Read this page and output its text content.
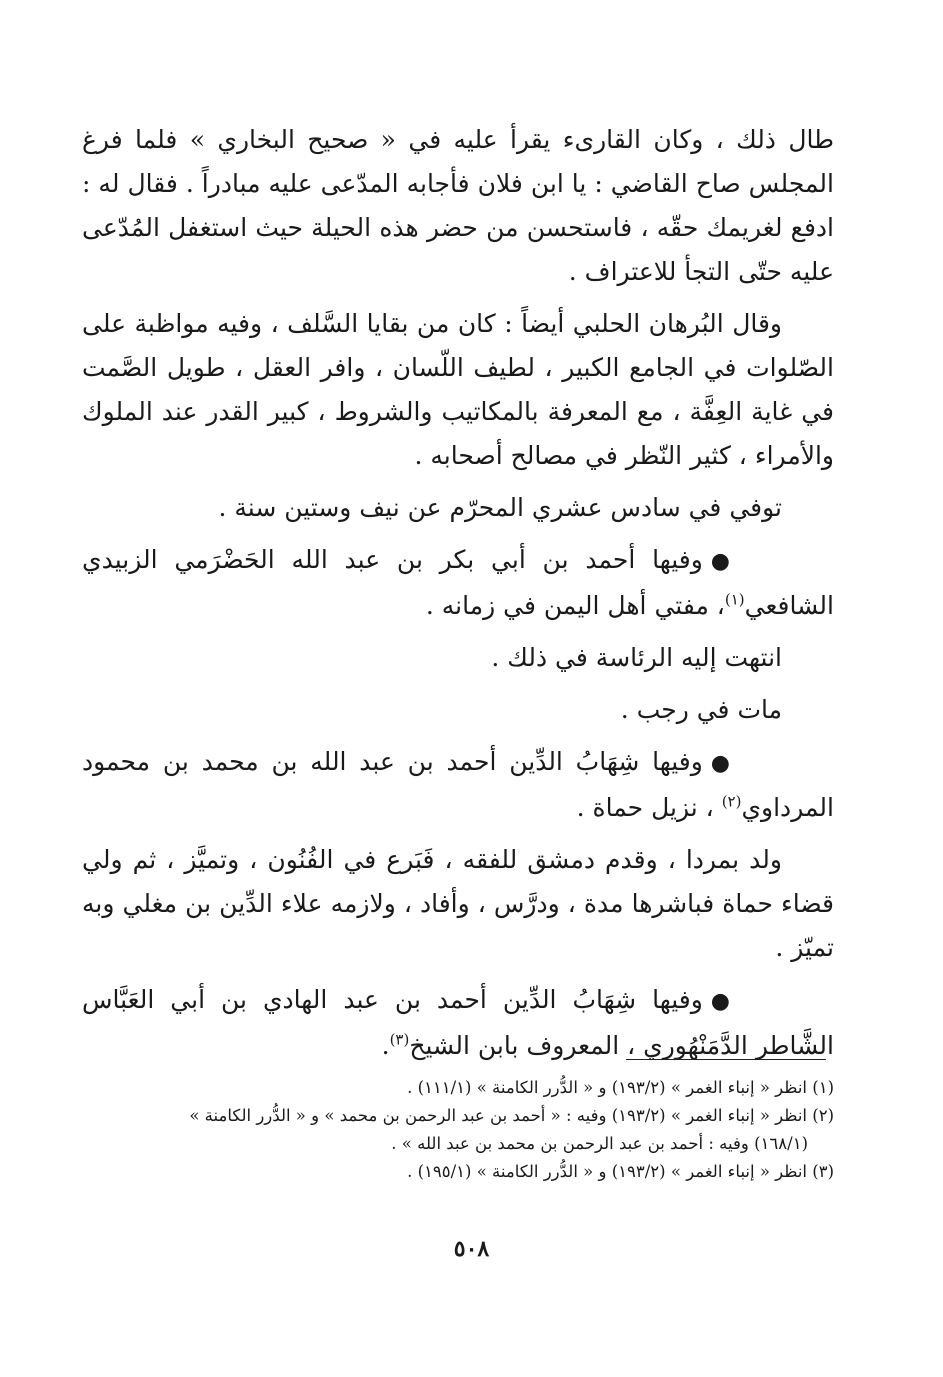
طال ذلك ، وكان القارىء يقرأ عليه في « صحيح البخاري » فلما فرغ المجلس صاح القاضي : يا ابن فلان فأجابه المدّعى عليه مبادراً . فقال له : ادفع لغريمك حقّه ، فاستحسن من حضر هذه الحيلة حيث استغفل المُدّعى عليه حتّى التجأ للاعتراف .

وقال البُرهان الحلبي أيضاً : كان من بقايا السَّلف ، وفيه مواظبة على الصّلوات في الجامع الكبير ، لطيف اللّسان ، وافر العقل ، طويل الصَّمت في غاية العِفَّة ، مع المعرفة بالمكاتيب والشروط ، كبير القدر عند الملوك والأمراء ، كثير النّظر في مصالح أصحابه .

توفي في سادس عشري المحرّم عن نيف وستين سنة .

●وفيها أحمد بن أبي بكر بن عبد الله الحَضْرَمي الزبيدي الشافعي$^{(١)}$، مفتي أهل اليمن في زمانه .

انتهت إليه الرئاسة في ذلك .

مات في رجب .

●وفيها شِهَابُ الدِّين أحمد بن عبد الله بن محمد بن محمود المرداوي$^{(٢)}$ ، نزيل حماة .

ولد بمردا ، وقدم دمشق للفقه ، فَبَرع في الفُنُون ، وتميَّز ، ثم ولي قضاء حماة فباشرها مدة ، ودرَّس ، وأفاد ، ولازمه علاء الدِّين بن مغلي وبه تميّز .

●وفيها شِهَابُ الدِّين أحمد بن عبد الهادي بن أبي العَبَّاس الشَّاطر الدَّمَنْهُوري ، المعروف بابن الشيخ$^{(٣)}$.

(١) انظر « إنباء الغمر » (١٩٣/٢) و « الدُّرر الكامنة » (١١١/١) .

(٢) انظر « إنباء الغمر » (١٩٣/٢) وفيه : « أحمد بن عبد الرحمن بن محمد » و « الدُّرر الكامنة »

(١٦٨/١) وفيه : أحمد بن عبد الرحمن بن محمد بن عبد الله » .

(٣) انظر « إنباء الغمر » (١٩٣/٢) و « الدُّرر الكامنة » (١٩٥/١) .

٥٠٨
